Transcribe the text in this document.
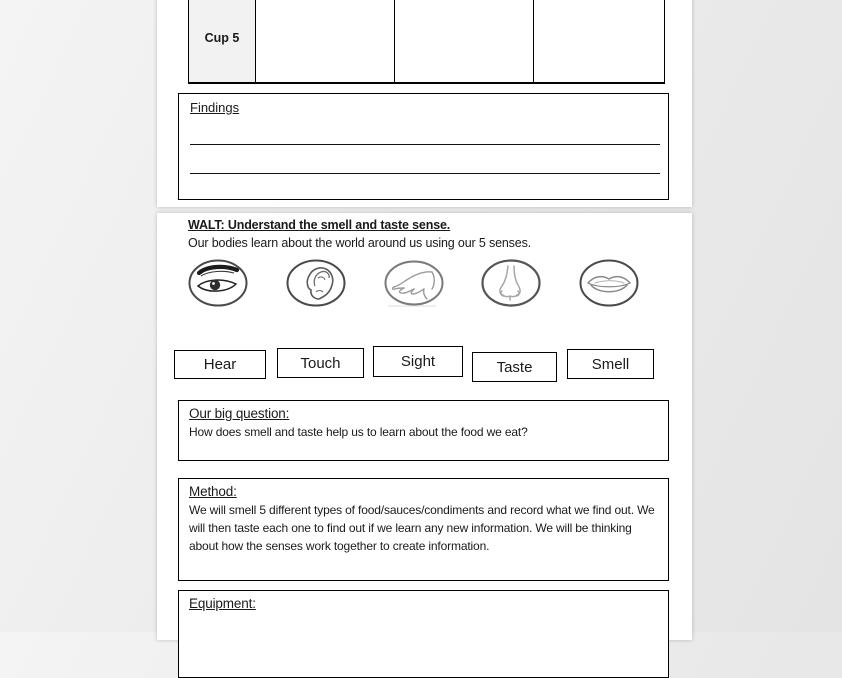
Cup 5
Findings
WALT: Understand the smell and taste sense.
Our bodies learn about the world around us using our 5 senses.
Hear	Touch	Sight	Taste	Smell
Our big question:
How does smell and taste help us to learn about the food we eat?
Method:
We will smell 5 different types of food/sauces/condiments and record what we find out. We will then taste each one to find out if we learn any new information. We will be thinking about how the senses work together to create information.
Equipment:
